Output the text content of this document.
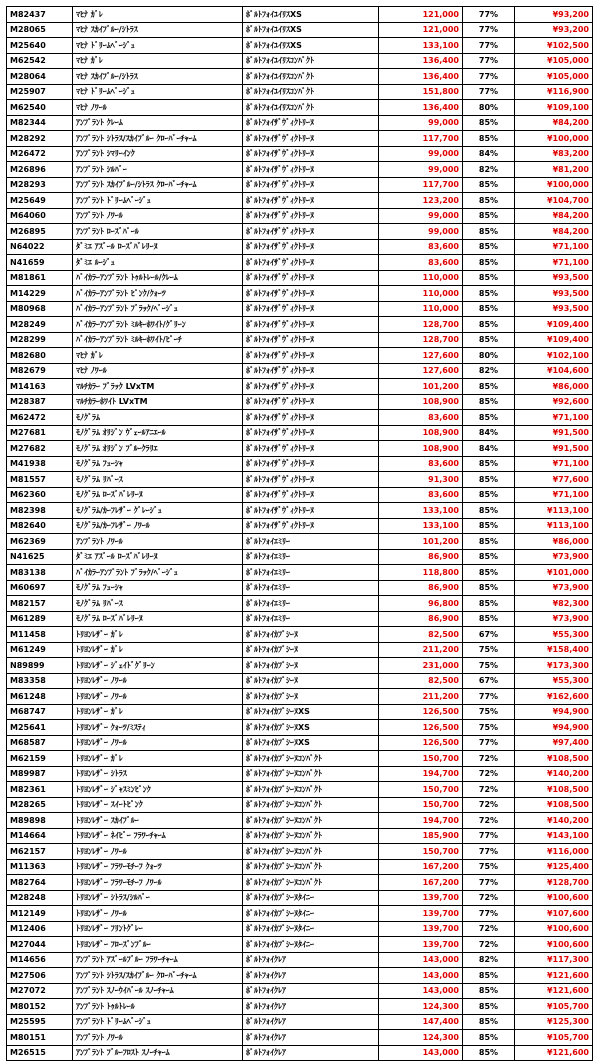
M82437	ﾏﾋﾅ ｶﾞﾚ	ﾎﾟﾙﾄﾌｫｲﾕｲﾘｽXS	121,000	77%	¥93,200
M28065	ﾏﾋﾅ ｽｶｲﾌﾞﾙｰ/ｼﾄﾗｽ	ﾎﾟﾙﾄﾌｫｲﾕｲﾘｽXS	121,000	77%	¥93,200
M25640	ﾏﾋﾅ ﾄﾞﾘｰﾑﾍﾞｰｼﾞｭ	ﾎﾟﾙﾄﾌｫｲﾕｲﾘｽXS	133,100	77%	¥102,500
M62542	ﾏﾋﾅ ｶﾞﾚ	ﾎﾟﾙﾄﾌｫｲﾕｲﾘｽｺﾝﾊﾟｸﾄ	136,400	77%	¥105,000
M28064	ﾏﾋﾅ ｽｶｲﾌﾞﾙｰ/ｼﾄﾗｽ	ﾎﾟﾙﾄﾌｫｲﾕｲﾘｽｺﾝﾊﾟｸﾄ	136,400	77%	¥105,000
M25907	ﾏﾋﾅ ﾄﾞﾘｰﾑﾍﾞｰｼﾞｭ	ﾎﾟﾙﾄﾌｫｲﾕｲﾘｽｺﾝﾊﾟｸﾄ	151,800	77%	¥116,900
M62540	ﾏﾋﾅ ﾉﾜｰﾙ	ﾎﾟﾙﾄﾌｫｲﾕｲﾘｽｺﾝﾊﾟｸﾄ	136,400	80%	¥109,100
M82344	ｱﾝﾌﾟﾗﾝﾄ ｸﾚｰﾑ	ﾎﾟﾙﾄﾌｫｲｻﾞｳﾞｨｸﾄﾘｰﾇ	99,000	85%	¥84,200
M28292	ｱﾝﾌﾟﾗﾝﾄ ｼﾄﾗｽ/ｽｶｲﾌﾞﾙｰ ｸﾛｰﾊﾞｰﾁｬｰﾑ	ﾎﾟﾙﾄﾌｫｲｻﾞｳﾞｨｸﾄﾘｰﾇ	117,700	85%	¥100,000
M26472	ｱﾝﾌﾟﾗﾝﾄ ｼﾏﾘｰｲﾝｸ	ﾎﾟﾙﾄﾌｫｲｻﾞｳﾞｨｸﾄﾘｰﾇ	99,000	84%	¥83,200
M26896	ｱﾝﾌﾟﾗﾝﾄ ｼﾙﾊﾞｰ	ﾎﾟﾙﾄﾌｫｲｻﾞｳﾞｨｸﾄﾘｰﾇ	99,000	82%	¥81,200
M28293	ｱﾝﾌﾟﾗﾝﾄ ｽｶｲﾌﾞﾙｰ/ｼﾄﾗｽ ｸﾛｰﾊﾞｰﾁｬｰﾑ	ﾎﾟﾙﾄﾌｫｲｻﾞｳﾞｨｸﾄﾘｰﾇ	117,700	85%	¥100,000
M25649	ｱﾝﾌﾟﾗﾝﾄ ﾄﾞﾘｰﾑﾍﾞｰｼﾞｭ	ﾎﾟﾙﾄﾌｫｲｻﾞｳﾞｨｸﾄﾘｰﾇ	123,200	85%	¥104,700
M64060	ｱﾝﾌﾟﾗﾝﾄ ﾉﾜｰﾙ	ﾎﾟﾙﾄﾌｫｲｻﾞｳﾞｨｸﾄﾘｰﾇ	99,000	85%	¥84,200
M26895	ｱﾝﾌﾟﾗﾝﾄ ﾛｰｽﾞﾊﾟｰﾙ	ﾎﾟﾙﾄﾌｫｲｻﾞｳﾞｨｸﾄﾘｰﾇ	99,000	85%	¥84,200
N64022	ﾀﾞﾐｴ ｱｽﾞｰﾙ ﾛｰｽﾞﾊﾞﾚﾘｰﾇ	ﾎﾟﾙﾄﾌｫｲｻﾞｳﾞｨｸﾄﾘｰﾇ	83,600	85%	¥71,100
N41659	ﾀﾞﾐｴ ﾙｰｼﾞｭ	ﾎﾟﾙﾄﾌｫｲｻﾞｳﾞｨｸﾄﾘｰﾇ	83,600	85%	¥71,100
M81861	ﾊﾞｲｶﾗｰｱﾝﾌﾟﾗﾝﾄ ﾄｩﾙﾄﾚｰﾙ/ｸﾚｰﾑ	ﾎﾟﾙﾄﾌｫｲｻﾞｳﾞｨｸﾄﾘｰﾇ	110,000	85%	¥93,500
M14229	ﾊﾞｲｶﾗｰｱﾝﾌﾟﾗﾝﾄ ﾋﾟﾝｸ/ｸｫｰﾂ	ﾎﾟﾙﾄﾌｫｲｻﾞｳﾞｨｸﾄﾘｰﾇ	110,000	85%	¥93,500
M80968	ﾊﾞｲｶﾗｰｱﾝﾌﾟﾗﾝﾄ ﾌﾞﾗｯｸ/ﾍﾞｰｼﾞｭ	ﾎﾟﾙﾄﾌｫｲｻﾞｳﾞｨｸﾄﾘｰﾇ	110,000	85%	¥93,500
M28249	ﾊﾞｲｶﾗｰｱﾝﾌﾟﾗﾝﾄ ﾐﾙｷｰﾎﾜｲﾄ/ｸﾞﾘｰﾝ	ﾎﾟﾙﾄﾌｫｲｻﾞｳﾞｨｸﾄﾘｰﾇ	128,700	85%	¥109,400
M28299	ﾊﾞｲｶﾗｰｱﾝﾌﾟﾗﾝﾄ ﾐﾙｷｰﾎﾜｲﾄ/ﾋﾟｰﾁ	ﾎﾟﾙﾄﾌｫｲｻﾞｳﾞｨｸﾄﾘｰﾇ	128,700	85%	¥109,400
M82680	ﾏﾋﾅ ｶﾞﾚ	ﾎﾟﾙﾄﾌｫｲｻﾞｳﾞｨｸﾄﾘｰﾇ	127,600	80%	¥102,100
M82679	ﾏﾋﾅ ﾉﾜｰﾙ	ﾎﾟﾙﾄﾌｫｲｻﾞｳﾞｨｸﾄﾘｰﾇ	127,600	82%	¥104,600
M14163	ﾏﾙﾁｶﾗｰ ﾌﾞﾗｯｸ LVxTM	ﾎﾟﾙﾄﾌｫｲｻﾞｳﾞｨｸﾄﾘｰﾇ	101,200	85%	¥86,000
M28387	ﾏﾙﾁｶﾗｰﾎﾜｲﾄ LVxTM	ﾎﾟﾙﾄﾌｫｲｻﾞｳﾞｨｸﾄﾘｰﾇ	108,900	85%	¥92,600
M62472	ﾓﾉｸﾞﾗﾑ	ﾎﾟﾙﾄﾌｫｲｻﾞｳﾞｨｸﾄﾘｰﾇ	83,600	85%	¥71,100
M27681	ﾓﾉｸﾞﾗﾑ ｵﾘｼﾞﾝ ｳﾞｪｰﾙｱﾆｴｰﾙ	ﾎﾟﾙﾄﾌｫｲｻﾞｳﾞｨｸﾄﾘｰﾇ	108,900	84%	¥91,500
M27682	ﾓﾉｸﾞﾗﾑ ｵﾘｼﾞﾝ ﾌﾞﾙｰｸﾗﾘｴ	ﾎﾟﾙﾄﾌｫｲｻﾞｳﾞｨｸﾄﾘｰﾇ	108,900	84%	¥91,500
M41938	ﾓﾉｸﾞﾗﾑ ﾌｭｰｼｬ	ﾎﾟﾙﾄﾌｫｲｻﾞｳﾞｨｸﾄﾘｰﾇ	83,600	85%	¥71,100
M81557	ﾓﾉｸﾞﾗﾑ ﾘﾊﾞｰｽ	ﾎﾟﾙﾄﾌｫｲｻﾞｳﾞｨｸﾄﾘｰﾇ	91,300	85%	¥77,600
M62360	ﾓﾉｸﾞﾗﾑ ﾛｰｽﾞﾊﾞﾚﾘｰﾇ	ﾎﾟﾙﾄﾌｫｲｻﾞｳﾞｨｸﾄﾘｰﾇ	83,600	85%	¥71,100
M82398	ﾓﾉｸﾞﾗﾑ/ｶｰﾌﾚｻﾞｰ ｸﾞﾚｰｼﾞｭ	ﾎﾟﾙﾄﾌｫｲｻﾞｳﾞｨｸﾄﾘｰﾇ	133,100	85%	¥113,100
M82640	ﾓﾉｸﾞﾗﾑ/ｶｰﾌﾚｻﾞｰ ﾉﾜｰﾙ	ﾎﾟﾙﾄﾌｫｲｻﾞｳﾞｨｸﾄﾘｰﾇ	133,100	85%	¥113,100
M62369	ｱﾝﾌﾟﾗﾝﾄ ﾉﾜｰﾙ	ﾎﾟﾙﾄﾌｫｲｴﾐﾘｰ	101,200	85%	¥86,000
N41625	ﾀﾞﾐｴ ｱｽﾞｰﾙ ﾛｰｽﾞﾊﾞﾚﾘｰﾇ	ﾎﾟﾙﾄﾌｫｲｴﾐﾘｰ	86,900	85%	¥73,900
M83138	ﾊﾞｲｶﾗｰｱﾝﾌﾟﾗﾝﾄ ﾌﾞﾗｯｸ/ﾍﾞｰｼﾞｭ	ﾎﾟﾙﾄﾌｫｲｴﾐﾘｰ	118,800	85%	¥101,000
M60697	ﾓﾉｸﾞﾗﾑ ﾌｭｰｼｬ	ﾎﾟﾙﾄﾌｫｲｴﾐﾘｰ	86,900	85%	¥73,900
M82157	ﾓﾉｸﾞﾗﾑ ﾘﾊﾞｰｽ	ﾎﾟﾙﾄﾌｫｲｴﾐﾘｰ	96,800	85%	¥82,300
M61289	ﾓﾉｸﾞﾗﾑ ﾛｰｽﾞﾊﾞﾚﾘｰﾇ	ﾎﾟﾙﾄﾌｫｲｴﾐﾘｰ	86,900	85%	¥73,900
M11458	ﾄﾘﾖﾝﾚｻﾞｰ ｶﾞﾚ	ﾎﾟﾙﾄﾌｫｲｶﾌﾟｼｰﾇ	82,500	67%	¥55,300
M61249	ﾄﾘﾖﾝﾚｻﾞｰ ｶﾞﾚ	ﾎﾟﾙﾄﾌｫｲｶﾌﾟｼｰﾇ	211,200	75%	¥158,400
N89899	ﾄﾘﾖﾝﾚｻﾞｰ ｼﾞｪｲﾄﾞｸﾞﾘｰﾝ	ﾎﾟﾙﾄﾌｫｲｶﾌﾟｼｰﾇ	231,000	75%	¥173,300
M83358	ﾄﾘﾖﾝﾚｻﾞｰ ﾉﾜｰﾙ	ﾎﾟﾙﾄﾌｫｲｶﾌﾟｼｰﾇ	82,500	67%	¥55,300
M61248	ﾄﾘﾖﾝﾚｻﾞｰ ﾉﾜｰﾙ	ﾎﾟﾙﾄﾌｫｲｶﾌﾟｼｰﾇ	211,200	77%	¥162,600
M68747	ﾄﾘﾖﾝﾚｻﾞｰ ｶﾞﾚ	ﾎﾟﾙﾄﾌｫｲｶﾌﾟｼｰﾇXS	126,500	75%	¥94,900
M25641	ﾄﾘﾖﾝﾚｻﾞｰ ｸｫｰﾂ/ﾐｽﾃｨ	ﾎﾟﾙﾄﾌｫｲｶﾌﾟｼｰﾇXS	126,500	75%	¥94,900
M68587	ﾄﾘﾖﾝﾚｻﾞｰ ﾉﾜｰﾙ	ﾎﾟﾙﾄﾌｫｲｶﾌﾟｼｰﾇXS	126,500	77%	¥97,400
M62159	ﾄﾘﾖﾝﾚｻﾞｰ ｶﾞﾚ	ﾎﾟﾙﾄﾌｫｲｶﾌﾟｼｰﾇｺﾝﾊﾟｸﾄ	150,700	72%	¥108,500
M89987	ﾄﾘﾖﾝﾚｻﾞｰ ｼﾄﾗｽ	ﾎﾟﾙﾄﾌｫｲｶﾌﾟｼｰﾇｺﾝﾊﾟｸﾄ	194,700	72%	¥140,200
M82361	ﾄﾘﾖﾝﾚｻﾞｰ ｼﾞｬｽﾐﾝﾋﾟﾝｸ	ﾎﾟﾙﾄﾌｫｲｶﾌﾟｼｰﾇｺﾝﾊﾟｸﾄ	150,700	72%	¥108,500
M28265	ﾄﾘﾖﾝﾚｻﾞｰ ｽｲｰﾄﾋﾟﾝｸ	ﾎﾟﾙﾄﾌｫｲｶﾌﾟｼｰﾇｺﾝﾊﾟｸﾄ	150,700	72%	¥108,500
M89898	ﾄﾘﾖﾝﾚｻﾞｰ ｽｶｲﾌﾞﾙｰ	ﾎﾟﾙﾄﾌｫｲｶﾌﾟｼｰﾇｺﾝﾊﾟｸﾄ	194,700	72%	¥140,200
M14664	ﾄﾘﾖﾝﾚｻﾞｰ ﾈｲﾋﾞｰ ﾌﾗﾜｰﾁｬｰﾑ	ﾎﾟﾙﾄﾌｫｲｶﾌﾟｼｰﾇｺﾝﾊﾟｸﾄ	185,900	77%	¥143,100
M62157	ﾄﾘﾖﾝﾚｻﾞｰ ﾉﾜｰﾙ	ﾎﾟﾙﾄﾌｫｲｶﾌﾟｼｰﾇｺﾝﾊﾟｸﾄ	150,700	77%	¥116,000
M11363	ﾄﾘﾖﾝﾚｻﾞｰ ﾌﾗﾜｰﾓﾁｰﾌ ｸｫｰﾂ	ﾎﾟﾙﾄﾌｫｲｶﾌﾟｼｰﾇｺﾝﾊﾟｸﾄ	167,200	75%	¥125,400
M82764	ﾄﾘﾖﾝﾚｻﾞｰ ﾌﾗﾜｰﾓﾁｰﾌ ﾉﾜｰﾙ	ﾎﾟﾙﾄﾌｫｲｶﾌﾟｼｰﾇｺﾝﾊﾟｸﾄ	167,200	77%	¥128,700
M28248	ﾄﾘﾖﾝﾚｻﾞｰ ｼﾄﾗｽ/ｼﾙﾊﾞｰ	ﾎﾟﾙﾄﾌｫｲｶﾌﾟｼｰﾇﾀｲﾆｰ	139,700	72%	¥100,600
M12149	ﾄﾘﾖﾝﾚｻﾞｰ ﾉﾜｰﾙ	ﾎﾟﾙﾄﾌｫｲｶﾌﾟｼｰﾇﾀｲﾆｰ	139,700	77%	¥107,600
M12406	ﾄﾘﾖﾝﾚｻﾞｰ ﾌﾘﾝﾄｸﾞﾚｰ	ﾎﾟﾙﾄﾌｫｲｶﾌﾟｼｰﾇﾀｲﾆｰ	139,700	72%	¥100,600
M27044	ﾄﾘﾖﾝﾚｻﾞｰ ﾌﾛｰｽﾞﾝﾌﾞﾙｰ	ﾎﾟﾙﾄﾌｫｲｶﾌﾟｼｰﾇﾀｲﾆｰ	139,700	72%	¥100,600
M14656	ｱﾝﾌﾟﾗﾝﾄ ｱｽﾞｰﾙﾌﾞﾙｰ ﾌﾗﾜｰﾁｬｰﾑ	ﾎﾟﾙﾄﾌｫｲｸﾚｱ	143,000	82%	¥117,300
M27506	ｱﾝﾌﾟﾗﾝﾄ ｼﾄﾗｽ/ｽｶｲﾌﾞﾙｰ ｸﾛｰﾊﾞｰﾁｬｰﾑ	ﾎﾟﾙﾄﾌｫｲｸﾚｱ	143,000	85%	¥121,600
M27072	ｱﾝﾌﾟﾗﾝﾄ ｽﾉｰｳｲﾊﾞｰﾙ ｽﾉｰﾁｬｰﾑ	ﾎﾟﾙﾄﾌｫｲｸﾚｱ	143,000	85%	¥121,600
M80152	ｱﾝﾌﾟﾗﾝﾄ ﾄｩﾙﾄﾚｰﾙ	ﾎﾟﾙﾄﾌｫｲｸﾚｱ	124,300	85%	¥105,700
M25595	ｱﾝﾌﾟﾗﾝﾄ ﾄﾞﾘｰﾑﾍﾞｰｼﾞｭ	ﾎﾟﾙﾄﾌｫｲｸﾚｱ	147,400	85%	¥125,300
M80151	ｱﾝﾌﾟﾗﾝﾄ ﾉﾜｰﾙ	ﾎﾟﾙﾄﾌｫｲｸﾚｱ	124,300	85%	¥105,700
M26515	ｱﾝﾌﾟﾗﾝﾄ ﾌﾞﾙｰﾌﾛｽﾄ ｽﾉｰﾁｬｰﾑ	ﾎﾟﾙﾄﾌｫｲｸﾚｱ	143,000	85%	¥121,600
